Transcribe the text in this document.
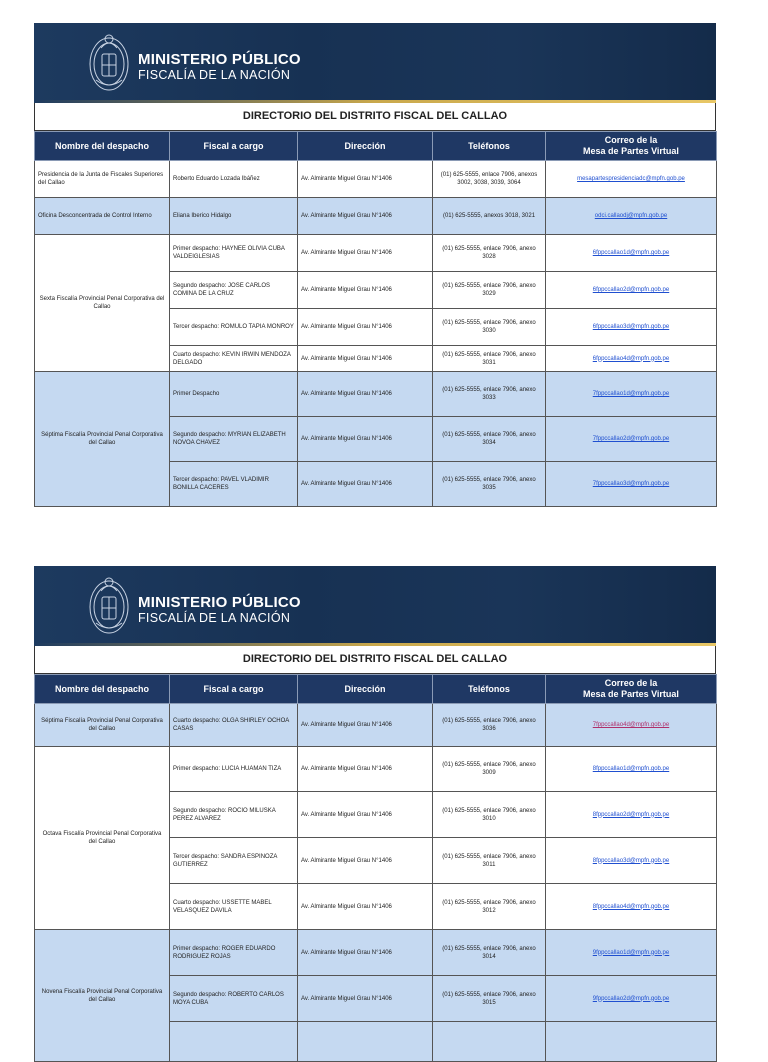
MINISTERIO PÚBLICO
FISCALÍA DE LA NACIÓN
DIRECTORIO DEL DISTRITO FISCAL DEL CALLAO
Nombre del despacho	Fiscal a cargo	Dirección	Teléfonos	Correo de la
Mesa de Partes Virtual
Presidencia de la Junta de Fiscales Superiores del Callao	Roberto Eduardo Lozada Ibáñez	Av. Almirante Miguel Grau N°1406	(01) 625-5555, enlace 7906, anexos 3002, 3038, 3039, 3064	mesapartespresidenciadc@mpfn.gob.pe
Oficina Desconcentrada de Control Interno	Eliana Iberico Hidalgo	Av. Almirante Miguel Grau N°1406	(01) 625-5555, anexos 3018, 3021	odci.callaodj@mpfn.gob.pe
Sexta Fiscalía Provincial Penal Corporativa del Callao	Primer despacho: HAYNEE OLIVIA CUBA VALDEIGLESIAS	Av. Almirante Miguel Grau N°1406	(01) 625-5555, enlace 7906, anexo 3028	6fppccallao1d@mpfn.gob.pe
	Segundo despacho: JOSE CARLOS COMINA DE LA CRUZ	Av. Almirante Miguel Grau N°1406	(01) 625-5555, enlace 7906, anexo 3029	6fppccallao2d@mpfn.gob.pe
	Tercer despacho: ROMULO TAPIA MONROY	Av. Almirante Miguel Grau N°1406	(01) 625-5555, enlace 7906, anexo 3030	6fppccallao3d@mpfn.gob.pe
	Cuarto despacho: KEVIN IRWIN MENDOZA DELGADO	Av. Almirante Miguel Grau N°1406	(01) 625-5555, enlace 7906, anexo 3031	6fppccallao4d@mpfn.gob.pe
Séptima Fiscalía Provincial Penal Corporativa del Callao	Primer Despacho	Av. Almirante Miguel Grau N°1406	(01) 625-5555, enlace 7906, anexo 3033	7fppccallao1d@mpfn.gob.pe
	Segundo despacho: MYRIAN ELIZABETH NOVOA CHAVEZ	Av. Almirante Miguel Grau N°1406	(01) 625-5555, enlace 7906, anexo 3034	7fppccallao2d@mpfn.gob.pe
	Tercer despacho: PAVEL VLADIMIR BONILLA CACERES	Av. Almirante Miguel Grau N°1406	(01) 625-5555, enlace 7906, anexo 3035	7fppccallao3d@mpfn.gob.pe
MINISTERIO PÚBLICO
FISCALÍA DE LA NACIÓN
DIRECTORIO DEL DISTRITO FISCAL DEL CALLAO
Nombre del despacho	Fiscal a cargo	Dirección	Teléfonos	Correo de la
Mesa de Partes Virtual
Séptima Fiscalía Provincial Penal Corporativa del Callao	Cuarto despacho: OLGA SHIRLEY OCHOA CASAS	Av. Almirante Miguel Grau N°1406	(01) 625-5555, enlace 7906, anexo 3036	7fppccallao4d@mpfn.gob.pe
Octava Fiscalía Provincial Penal Corporativa del Callao	Primer despacho: LUCIA HUAMAN TIZA	Av. Almirante Miguel Grau N°1406	(01) 625-5555, enlace 7906, anexo 3009	8fppccallao1d@mpfn.gob.pe
	Segundo despacho: ROCIO MILUSKA PEREZ ALVAREZ	Av. Almirante Miguel Grau N°1406	(01) 625-5555, enlace 7906, anexo 3010	8fppccallao2d@mpfn.gob.pe
	Tercer despacho: SANDRA ESPINOZA GUTIERREZ	Av. Almirante Miguel Grau N°1406	(01) 625-5555, enlace 7906, anexo 3011	8fppccallao3d@mpfn.gob.pe
	Cuarto despacho: USSETTE MABEL VELASQUEZ DAVILA	Av. Almirante Miguel Grau N°1406	(01) 625-5555, enlace 7906, anexo 3012	8fppccallao4d@mpfn.gob.pe
Novena Fiscalía Provincial Penal Corporativa del Callao	Primer despacho: ROGER EDUARDO RODRIGUEZ ROJAS	Av. Almirante Miguel Grau N°1406	(01) 625-5555, enlace 7906, anexo 3014	9fppccallao1d@mpfn.gob.pe
	Segundo despacho: ROBERTO CARLOS MOYA CUBA	Av. Almirante Miguel Grau N°1406	(01) 625-5555, enlace 7906, anexo 3015	9fppccallao2d@mpfn.gob.pe
